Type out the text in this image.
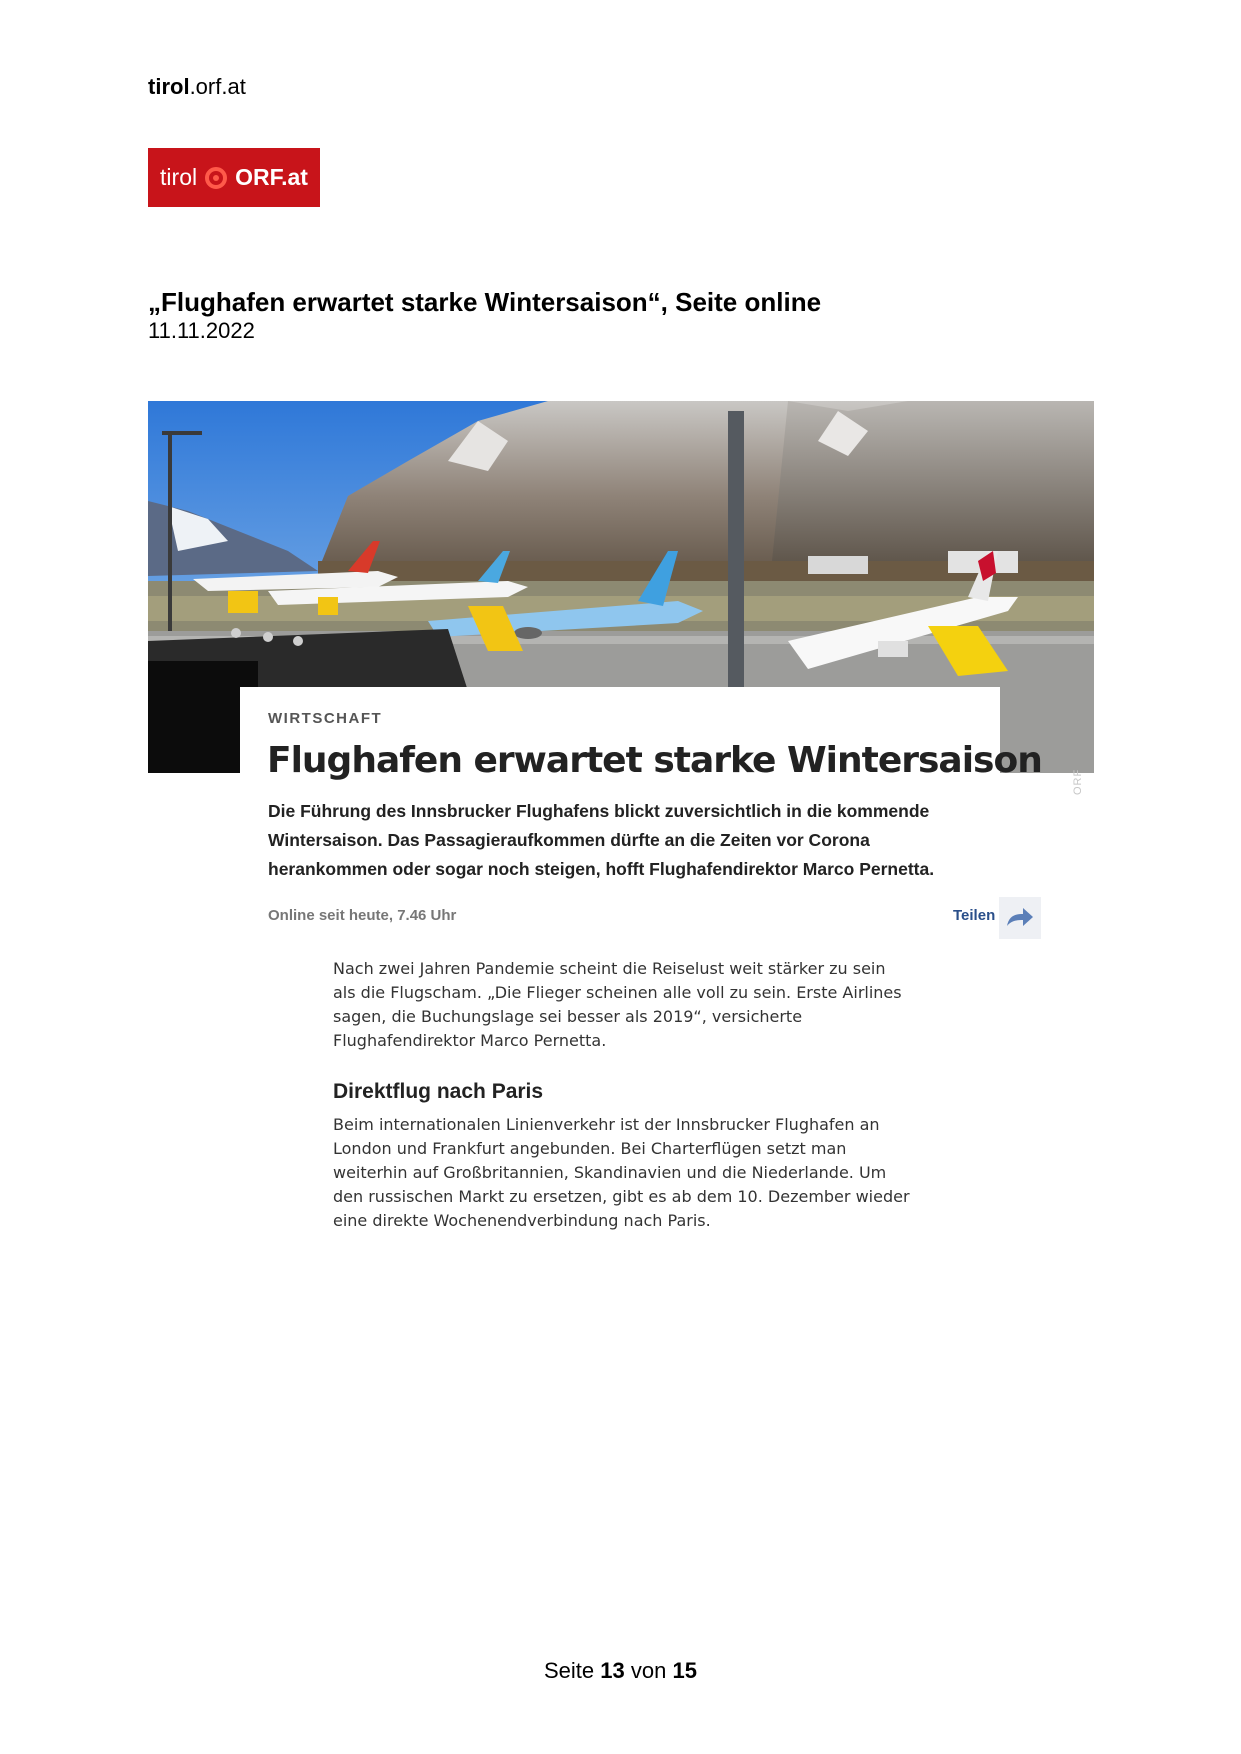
tirol.orf.at
tirol ORF.at
„Flughafen erwartet starke Wintersaison“, Seite online
11.11.2022
WIRTSCHAFT
Flughafen erwartet starke Wintersaison
Die Führung des Innsbrucker Flughafens blickt zuversichtlich in die kommende Wintersaison. Das Passagieraufkommen dürfte an die Zeiten vor Corona herankommen oder sogar noch steigen, hofft Flughafendirektor Marco Pernetta.
Online seit heute, 7.46 Uhr	Teilen
ORF
Nach zwei Jahren Pandemie scheint die Reiselust weit stärker zu sein als die Flugscham. „Die Flieger scheinen alle voll zu sein. Erste Airlines sagen, die Buchungslage sei besser als 2019“, versicherte Flughafendirektor Marco Pernetta.
Direktflug nach Paris
Beim internationalen Linienverkehr ist der Innsbrucker Flughafen an London und Frankfurt angebunden. Bei Charterflügen setzt man weiterhin auf Großbritannien, Skandinavien und die Niederlande. Um den russischen Markt zu ersetzen, gibt es ab dem 10. Dezember wieder eine direkte Wochenendverbindung nach Paris.
Seite 13 von 15
